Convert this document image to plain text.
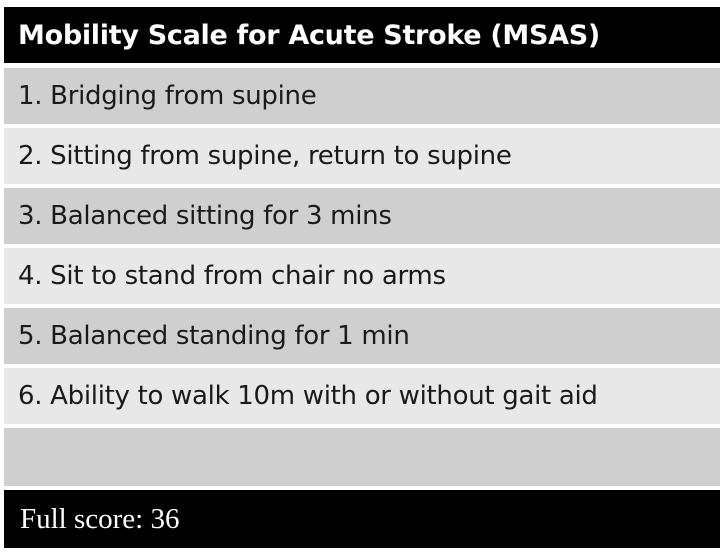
Mobility Scale for Acute Stroke (MSAS)
1. Bridging from supine
2. Sitting from supine, return to supine
3. Balanced sitting for 3 mins
4. Sit to stand from chair no arms
5. Balanced standing for 1 min
6. Ability to walk 10m with or without gait aid
Full score: 36
